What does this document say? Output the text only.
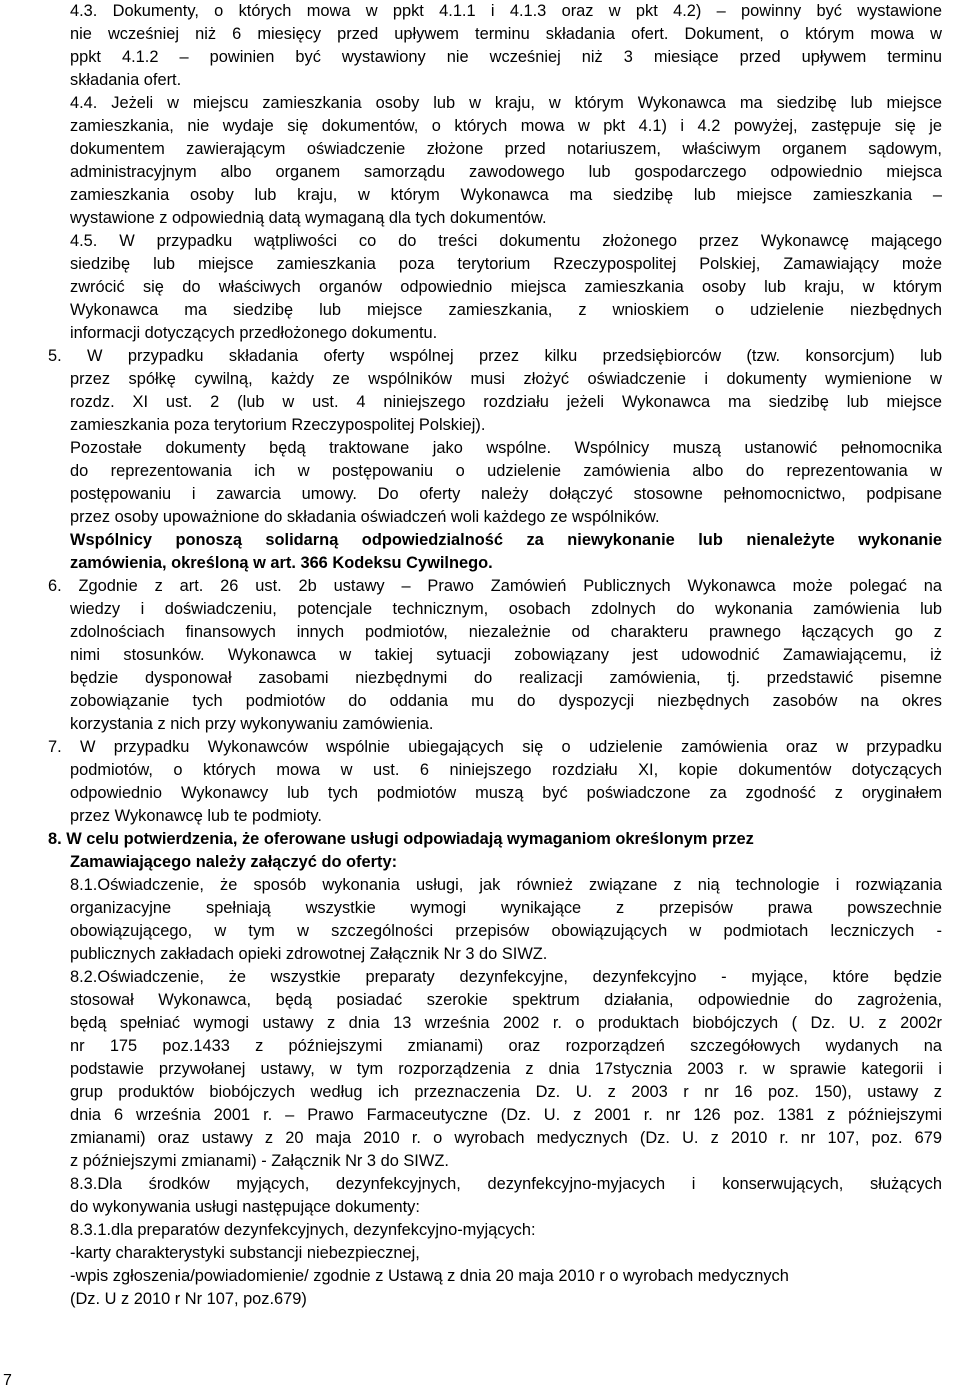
4.3. Dokumenty, o których mowa w ppkt 4.1.1 i 4.1.3 oraz w pkt 4.2) – powinny być wystawione

nie wcześniej niż 6 miesięcy przed upływem terminu składania ofert. Dokument, o którym mowa w

ppkt 4.1.2 – powinien być wystawiony nie wcześniej niż 3 miesiące przed upływem terminu

składania ofert.

4.4. Jeżeli w miejscu zamieszkania osoby lub w kraju, w którym Wykonawca ma siedzibę lub miejsce

zamieszkania, nie wydaje się dokumentów, o których mowa w pkt 4.1) i 4.2 powyżej, zastępuje się je

dokumentem zawierającym oświadczenie złożone przed notariuszem, właściwym organem sądowym,

administracyjnym albo organem samorządu zawodowego lub gospodarczego odpowiednio miejsca

zamieszkania osoby lub kraju, w którym Wykonawca ma siedzibę lub miejsce zamieszkania –

wystawione z odpowiednią datą wymaganą dla tych dokumentów.

4.5. W przypadku wątpliwości co do treści dokumentu złożonego przez Wykonawcę mającego

siedzibę lub miejsce zamieszkania poza terytorium Rzeczypospolitej Polskiej, Zamawiający może

zwrócić się do właściwych organów odpowiednio miejsca zamieszkania osoby lub kraju, w którym

Wykonawca ma siedzibę lub miejsce zamieszkania, z wnioskiem o udzielenie niezbędnych

informacji dotyczących przedłożonego dokumentu.

5. W przypadku składania oferty wspólnej przez kilku przedsiębiorców (tzw. konsorcjum) lub

przez spółkę cywilną, każdy ze wspólników musi złożyć oświadczenie i dokumenty wymienione w

rozdz. XI ust. 2 (lub w ust. 4 niniejszego rozdziału jeżeli Wykonawca ma siedzibę lub miejsce

zamieszkania poza terytorium Rzeczypospolitej Polskiej).

Pozostałe dokumenty będą traktowane jako wspólne. Wspólnicy muszą ustanowić pełnomocnika

do reprezentowania ich w postępowaniu o udzielenie zamówienia albo do reprezentowania w

postępowaniu i zawarcia umowy. Do oferty należy dołączyć stosowne pełnomocnictwo, podpisane

przez osoby upoważnione do składania oświadczeń woli każdego ze wspólników.

Wspólnicy ponoszą solidarną odpowiedzialność za niewykonanie lub nienależyte wykonanie

zamówienia, określoną w art. 366 Kodeksu Cywilnego.

6. Zgodnie z art. 26 ust. 2b ustawy – Prawo Zamówień Publicznych Wykonawca może polegać na

wiedzy i doświadczeniu, potencjale technicznym, osobach zdolnych do wykonania zamówienia lub

zdolnościach finansowych innych podmiotów, niezależnie od charakteru prawnego łączących go z

nimi stosunków. Wykonawca w takiej sytuacji zobowiązany jest udowodnić Zamawiającemu, iż

będzie dysponował zasobami niezbędnymi do realizacji zamówienia, tj. przedstawić pisemne

zobowiązanie tych podmiotów do oddania mu do dyspozycji niezbędnych zasobów na okres

korzystania z nich przy wykonywaniu zamówienia.

7. W przypadku Wykonawców wspólnie ubiegających się o udzielenie zamówienia oraz w przypadku

podmiotów, o których mowa w ust. 6 niniejszego rozdziału XI, kopie dokumentów dotyczących

odpowiednio Wykonawcy lub tych podmiotów muszą być poświadczone za zgodność z oryginałem

przez Wykonawcę lub te podmioty.

8. W celu potwierdzenia, że oferowane usługi odpowiadają wymaganiom określonym przez

Zamawiającego należy załączyć do oferty:

8.1.Oświadczenie, że sposób wykonania usługi, jak również związane z nią technologie i rozwiązania

organizacyjne spełniają wszystkie wymogi wynikające z przepisów prawa powszechnie

obowiązującego, w tym w szczególności przepisów obowiązujących w podmiotach leczniczych -

publicznych zakładach opieki zdrowotnej Załącznik Nr 3 do SIWZ.

8.2.Oświadczenie, że wszystkie preparaty dezynfekcyjne, dezynfekcyjno - myjące, które będzie

stosował Wykonawca, będą posiadać szerokie spektrum działania, odpowiednie do zagrożenia,

będą spełniać wymogi ustawy z dnia 13 września 2002 r. o produktach biobójczych ( Dz. U. z 2002r

nr 175 poz.1433 z późniejszymi zmianami) oraz rozporządzeń szczegółowych wydanych na

podstawie przywołanej ustawy, w tym rozporządzenia z dnia 17stycznia 2003 r. w sprawie kategorii i

grup produktów biobójczych według ich przeznaczenia Dz. U. z 2003 r nr 16 poz. 150), ustawy z

dnia 6 września 2001 r. – Prawo Farmaceutyczne (Dz. U. z 2001 r. nr 126 poz. 1381 z późniejszymi

zmianami) oraz ustawy z 20 maja 2010 r. o wyrobach medycznych (Dz. U. z 2010 r. nr 107, poz. 679

z późniejszymi zmianami) - Załącznik Nr 3 do SIWZ.

8.3.Dla środków myjących, dezynfekcyjnych, dezynfekcyjno-myjacych i konserwujących, służących

do wykonywania usługi następujące dokumenty:

8.3.1.dla preparatów dezynfekcyjnych, dezynfekcyjno-myjących:

-karty charakterystyki substancji niebezpiecznej,

-wpis zgłoszenia/powiadomienie/ zgodnie z Ustawą z dnia 20 maja 2010 r o wyrobach medycznych

(Dz. U z 2010 r Nr 107, poz.679)

7
